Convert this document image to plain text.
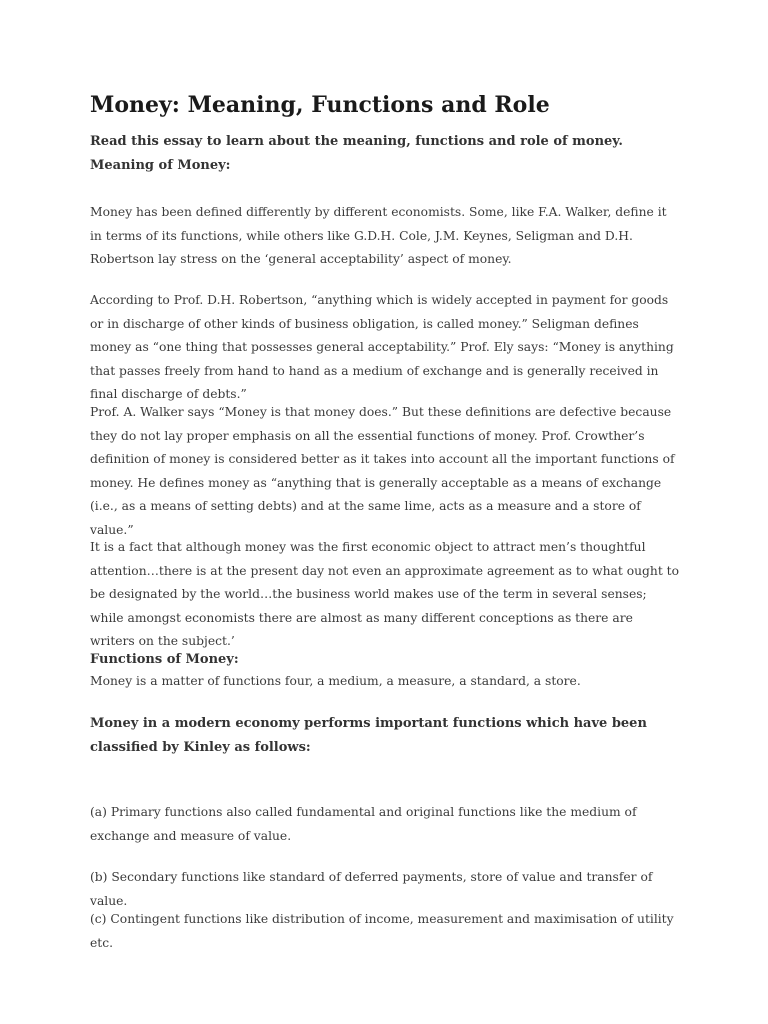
Money: Meaning, Functions and Role

Read this essay to learn about the meaning, functions and role of money.

Meaning of Money:

Money has been defined differently by different economists. Some, like F.A. Walker, define it in terms of its functions, while others like G.D.H. Cole, J.M. Keynes, Seligman and D.H. Robertson lay stress on the ‘general acceptability’ aspect of money.

According to Prof. D.H. Robertson, “anything which is widely accepted in payment for goods or in discharge of other kinds of business obligation, is called money.” Seligman defines money as “one thing that possesses general acceptability.” Prof. Ely says: “Money is anything that passes freely from hand to hand as a medium of exchange and is generally received in final discharge of debts.”

Prof. A. Walker says “Money is that money does.” But these definitions are defective because they do not lay proper emphasis on all the essential functions of money. Prof. Crowther’s definition of money is considered better as it takes into account all the important functions of money. He defines money as “anything that is generally acceptable as a means of exchange (i.e., as a means of setting debts) and at the same lime, acts as a measure and a store of value.”

It is a fact that although money was the first economic object to attract men’s thoughtful attention…there is at the present day not even an approximate agreement as to what ought to be designated by the world…the business world makes use of the term in several senses; while amongst economists there are almost as many different conceptions as there are writers on the subject.’

Functions of Money:

Money is a matter of functions four, a medium, a measure, a standard, a store.

Money in a modern economy performs important functions which have been classified by Kinley as follows:

(a) Primary functions also called fundamental and original functions like the medium of exchange and measure of value.

(b) Secondary functions like standard of deferred payments, store of value and transfer of value.

(c) Contingent functions like distribution of income, measurement and maximisation of utility etc.
